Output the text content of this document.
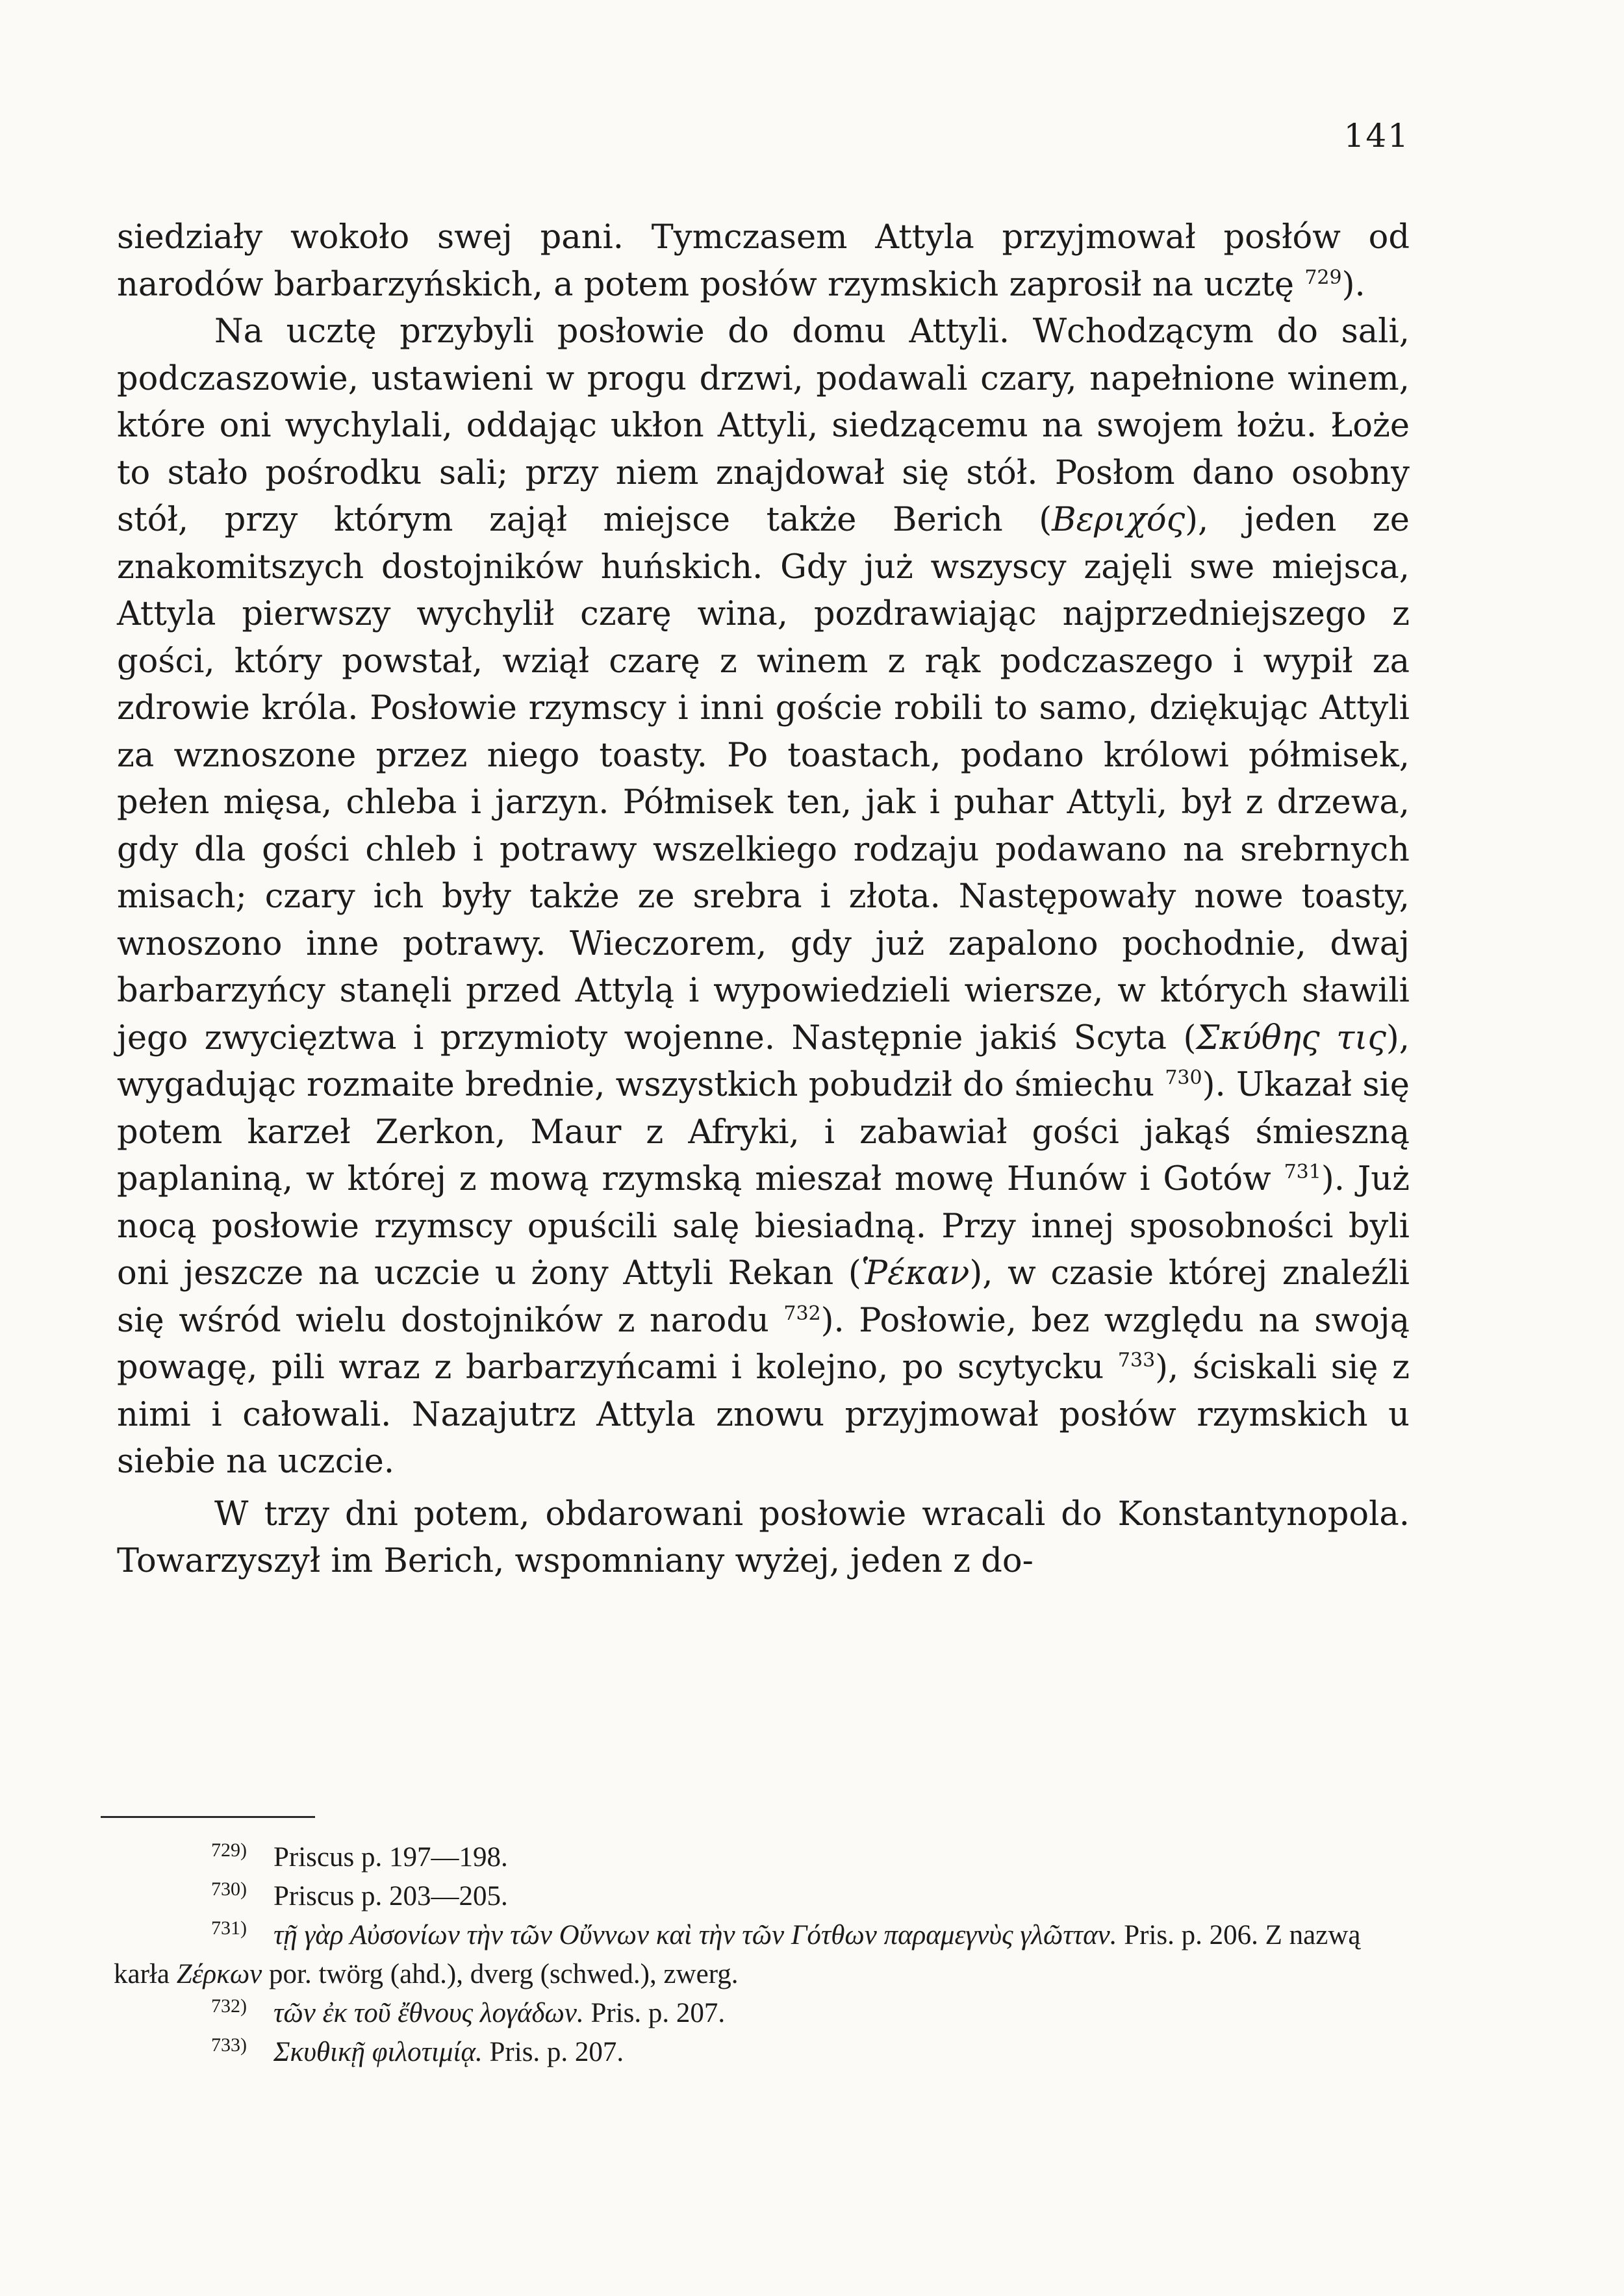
141

siedziały wokoło swej pani. Tymczasem Attyla przyjmował posłów od narodów barbarzyńskich, a potem posłów rzymskich zaprosił na ucztę $^{729}$).

Na ucztę przybyli posłowie do domu Attyli. Wchodzącym do sali, podczaszowie, ustawieni w progu drzwi, podawali czary, napełnione winem, które oni wychylali, oddając ukłon Attyli, siedzącemu na swojem łożu. Łoże to stało pośrodku sali; przy niem znajdował się stół. Posłom dano osobny stół, przy którym zajął miejsce także Berich (Βεριχός), jeden ze znakomitszych dostojników huńskich. Gdy już wszyscy zajęli swe miejsca, Attyla pierwszy wychylił czarę wina, pozdrawiając najprzedniejszego z gości, który powstał, wziął czarę z winem z rąk podczaszego i wypił za zdrowie króla. Posłowie rzymscy i inni goście robili to samo, dziękując Attyli za wznoszone przez niego toasty. Po toastach, podano królowi półmisek, pełen mięsa, chleba i jarzyn. Półmisek ten, jak i puhar Attyli, był z drzewa, gdy dla gości chleb i potrawy wszelkiego rodzaju podawano na srebrnych misach; czary ich były także ze srebra i złota. Następowały nowe toasty, wnoszono inne potrawy. Wieczorem, gdy już zapalono pochodnie, dwaj barbarzyńcy stanęli przed Attylą i wypowiedzieli wiersze, w których sławili jego zwycięztwa i przymioty wojenne. Następnie jakiś Scyta (Σκύθης τις), wygadując rozmaite brednie, wszystkich pobudził do śmiechu $^{730}$). Ukazał się potem karzeł Zerkon, Maur z Afryki, i zabawiał gości jakąś śmieszną paplaniną, w której z mową rzymską mieszał mowę Hunów i Gotów $^{731}$). Już nocą posłowie rzymscy opuścili salę biesiadną. Przy innej sposobności byli oni jeszcze na uczcie u żony Attyli Rekan (Ῥέκαν), w czasie której znaleźli się wśród wielu dostojników z narodu $^{732}$). Posłowie, bez względu na swoją powagę, pili wraz z barbarzyńcami i kolejno, po scytycku $^{733}$), ściskali się z nimi i całowali. Nazajutrz Attyla znowu przyjmował posłów rzymskich u siebie na uczcie.

W trzy dni potem, obdarowani posłowie wracali do Konstantynopola. Towarzyszył im Berich, wspomniany wyżej, jeden z do-

729) Priscus p. 197—198.

730) Priscus p. 203—205.

731) τῇ γὰρ Αὐσονίων τὴν τῶν Οὔννων καὶ τὴν τῶν Γότθων παραμεγνὺς γλῶτταν. Pris. p. 206. Z nazwą karła Ζέρκων por. twörg (ahd.), dverg (schwed.), zwerg.

732) τῶν ἐκ τοῦ ἔθνους λογάδων. Pris. p. 207.

733) Σκυθικῇ φιλοτιμίᾳ. Pris. p. 207.
